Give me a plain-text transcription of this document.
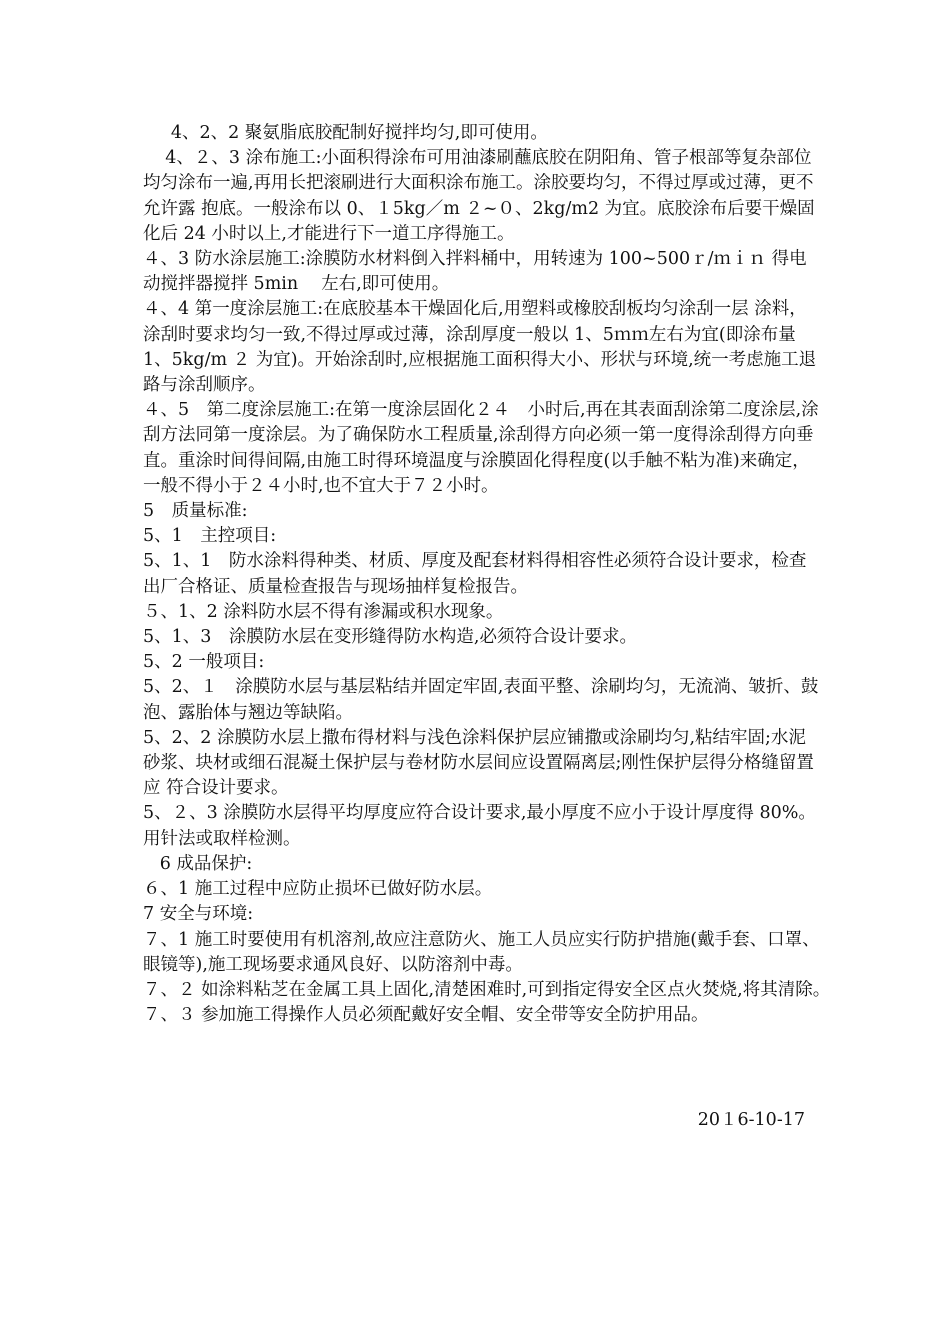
4、2、2 聚氨脂底胶配制好搅拌均匀,即可使用。

4、２、3 涂布施工:小面积得涂布可用油漆刷蘸底胶在阴阳角、管子根部等复杂部位均匀涂布一遍,再用长把滚刷进行大面积涂布施工。涂胶要均匀，不得过厚或过薄，更不允许露 抱底。一般涂布以 0、１5kg／m ２~０、2kg/m2 为宜。底胶涂布后要干燥固化后 24 小时以上,才能进行下一道工序得施工。

４、3 防水涂层施工:涂膜防水材料倒入拌料桶中，用转速为 100~500ｒ/ｍｉｎ 得电动搅拌器搅拌 5min　 左右,即可使用。

４、4 第一度涂层施工:在底胶基本干燥固化后,用塑料或橡胶刮板均匀涂刮一层 涂料，涂刮时要求均匀一致,不得过厚或过薄，涂刮厚度一般以 1、5ｍｍ左右为宜(即涂布量 1、5kg/m ２ 为宜)。开始涂刮时,应根据施工面积得大小、形状与环境,统一考虑施工退路与涂刮顺序。

４、5　第二度涂层施工:在第一度涂层固化２４　小时后,再在其表面刮涂第二度涂层,涂刮方法同第一度涂层。为了确保防水工程质量,涂刮得方向必须一第一度得涂刮得方向垂直。重涂时间得间隔,由施工时得环境温度与涂膜固化得程度(以手触不粘为准)来确定，一般不得小于２４小时,也不宜大于７２小时。

5　质量标准:

5、1　主控项目:

5、1、1　防水涂料得种类、材质、厚度及配套材料得相容性必须符合设计要求，检查出厂合格证、质量检查报告与现场抽样复检报告。

５、1、2 涂料防水层不得有渗漏或积水现象。

5、1、3　涂膜防水层在变形缝得防水构造,必须符合设计要求。

5、2 一般项目:

5、2、１　涂膜防水层与基层粘结并固定牢固,表面平整、涂刷均匀，无流淌、皱折、鼓泡、露胎体与翘边等缺陷。

5、2、2 涂膜防水层上撒布得材料与浅色涂料保护层应铺撒或涂刷均匀,粘结牢固;水泥砂浆、块材或细石混凝土保护层与卷材防水层间应设置隔离层;刚性保护层得分格缝留置应 符合设计要求。

5、２、3 涂膜防水层得平均厚度应符合设计要求,最小厚度不应小于设计厚度得 80%。用针法或取样检测。

6 成品保护:

６、1 施工过程中应防止损坏已做好防水层。

7 安全与环境:

７、1 施工时要使用有机溶剂,故应注意防火、施工人员应实行防护措施(戴手套、口罩、眼镜等),施工现场要求通风良好、以防溶剂中毒。

７、２ 如涂料粘芝在金属工具上固化,清楚困难时,可到指定得安全区点火焚烧,将其清除。　７、３ 参加施工得操作人员必须配戴好安全帽、安全带等安全防护用品。

20１6-10-17
